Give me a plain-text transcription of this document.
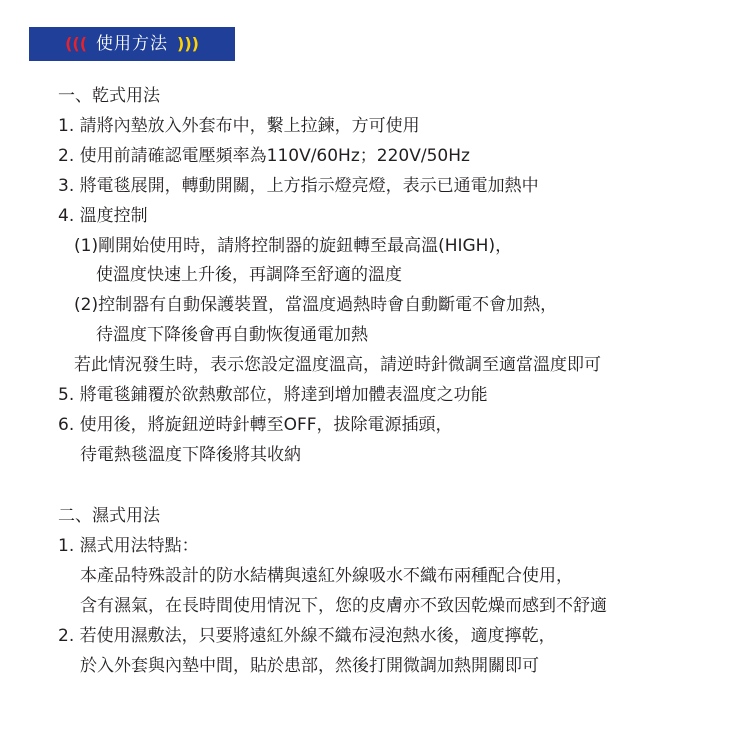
((( 使用方法 )))
一、乾式用法
1. 請將內墊放入外套布中，繫上拉鍊，方可使用
2. 使用前請確認電壓頻率為110V/60Hz；220V/50Hz
3. 將電毯展開，轉動開關，上方指示燈亮燈，表示已通電加熱中
4. 溫度控制
(1)剛開始使用時，請將控制器的旋鈕轉至最高溫(HIGH)，
使溫度快速上升後，再調降至舒適的溫度
(2)控制器有自動保護裝置，當溫度過熱時會自動斷電不會加熱，
待溫度下降後會再自動恢復通電加熱
若此情況發生時，表示您設定溫度溫高，請逆時針微調至適當溫度即可
5. 將電毯鋪覆於欲熱敷部位，將達到增加體表溫度之功能
6. 使用後，將旋鈕逆時針轉至OFF，拔除電源插頭，
待電熱毯溫度下降後將其收納
二、濕式用法
1. 濕式用法特點：
本產品特殊設計的防水結構與遠紅外線吸水不織布兩種配合使用，
含有濕氣，在長時間使用情況下，您的皮膚亦不致因乾燥而感到不舒適
2. 若使用濕敷法，只要將遠紅外線不織布浸泡熱水後，適度擰乾，
於入外套與內墊中間，貼於患部，然後打開微調加熱開關即可
